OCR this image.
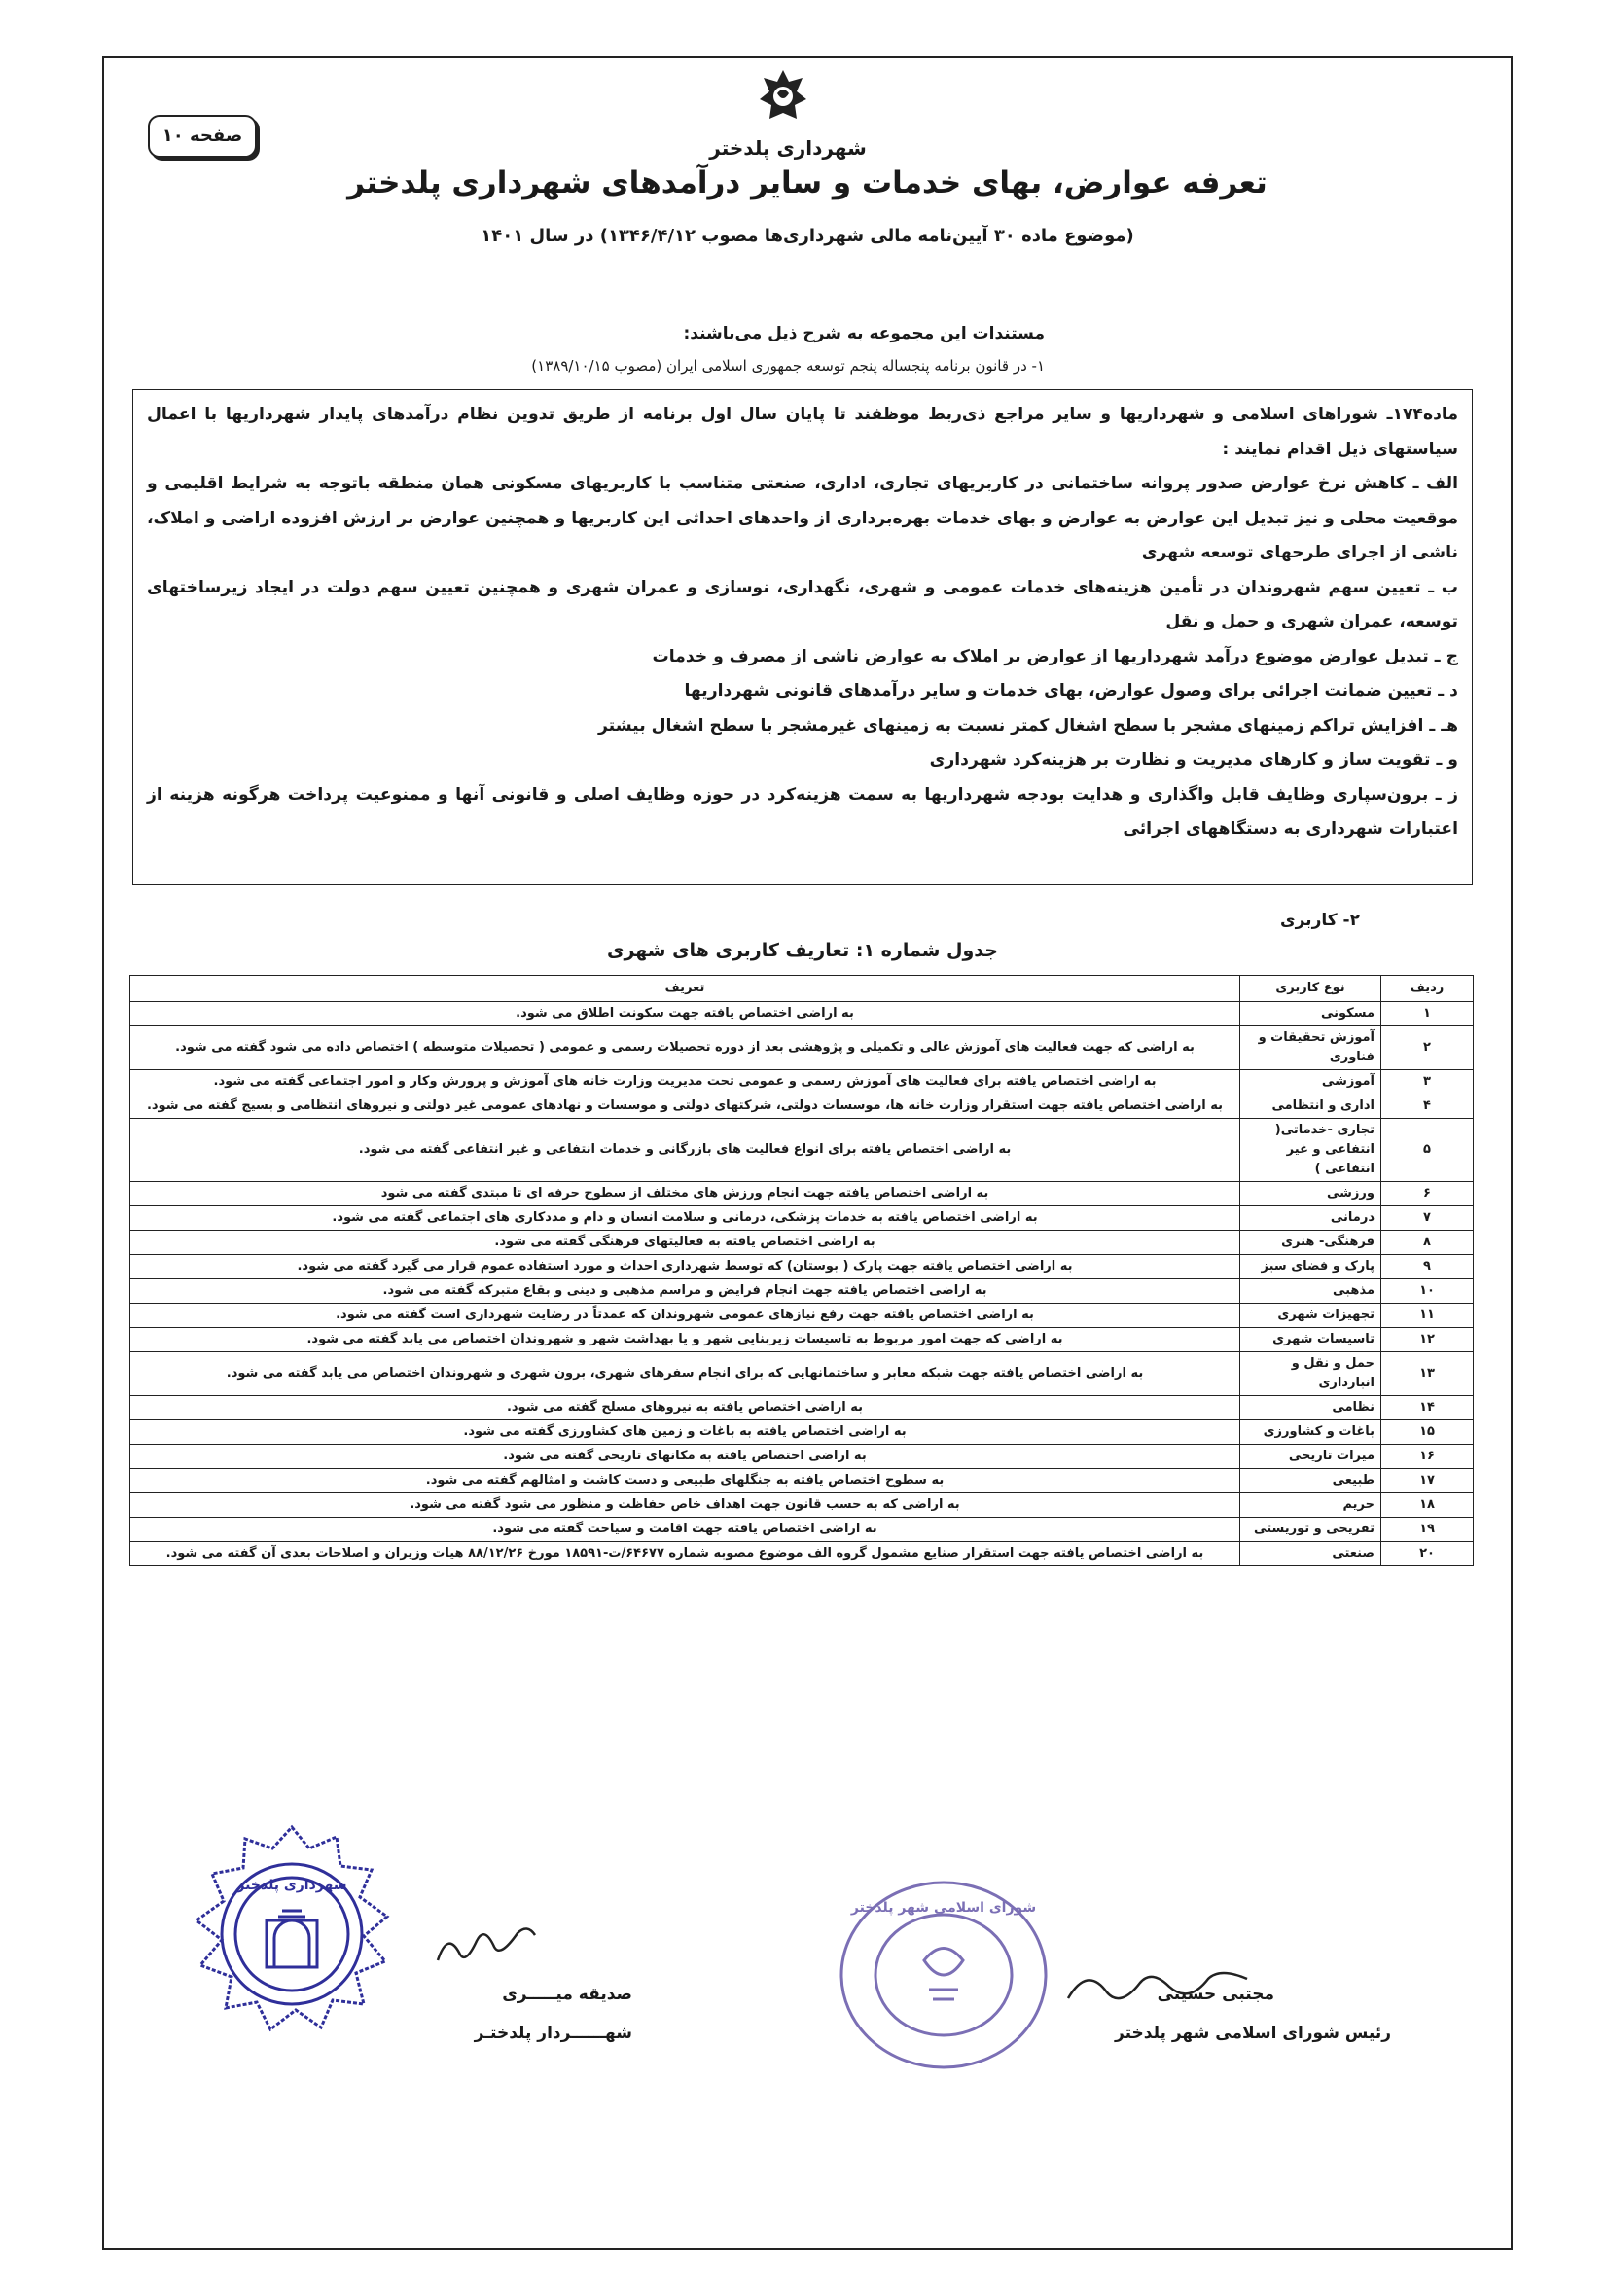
صفحه ۱۰
شهرداری پلدختر
تعرفه عوارض، بهای خدمات و سایر درآمدهای شهرداری پلدختر
(موضوع ماده ۳۰ آیین‌نامه مالی شهرداری‌ها مصوب ۱۳۴۶/۴/۱۲) در سال ۱۴۰۱
مستندات این مجموعه به شرح ذیل می‌باشند:
۱- در قانون برنامه پنجساله پنجم توسعه جمهوری اسلامی ایران (مصوب ۱۳۸۹/۱۰/۱۵)

ماده۱۷۴ـ شوراهای اسلامی و شهرداریها و سایر مراجع ذی‌ربط موظفند تا پایان سال اول برنامه از طریق تدوین نظام درآمدهای پایدار شهرداریها با اعمال سیاستهای ذیل اقدام نمایند :

الف ـ کاهش نرخ عوارض صدور پروانه ساختمانی در کاربریهای تجاری، اداری، صنعتی متناسب با کاربریهای مسکونی همان منطقه باتوجه به شرایط اقلیمی و موقعیت محلی و نیز تبدیل این عوارض به عوارض و بهای خدمات بهره‌برداری از واحدهای احداثی این کاربریها و همچنین عوارض بر ارزش افزوده اراضی و املاک، ناشی از اجرای طرحهای توسعه شهری

ب ـ تعیین سهم شهروندان در تأمین هزینه‌های خدمات عمومی و شهری، نگهداری، نوسازی و عمران شهری و همچنین تعیین سهم دولت در ایجاد زیرساختهای توسعه، عمران شهری و حمل و نقل

ج ـ تبدیل عوارض موضوع درآمد شهرداریها از عوارض بر املاک به عوارض ناشی از مصرف و خدمات

د ـ تعیین ضمانت اجرائی برای وصول عوارض، بهای خدمات و سایر درآمدهای قانونی شهرداریها

هـ ـ افزایش تراکم زمینهای مشجر با سطح اشغال کمتر نسبت به زمینهای غیرمشجر با سطح اشغال بیشتر

و ـ تقویت ساز و کارهای مدیریت و نظارت بر هزینه‌کرد شهرداری

ز ـ برون‌سپاری وظایف قابل واگذاری و هدایت بودجه شهرداریها به سمت هزینه‌کرد در حوزه وظایف اصلی و قانونی آنها و ممنوعیت پرداخت هرگونه هزینه از اعتبارات شهرداری به دستگاههای اجرائی

۲- کاربری
جدول شماره ۱: تعاریف کاربری های شهری
ردیف	نوع کاربری	تعریف
۱	مسکونی	به اراضی اختصاص یافته جهت سکونت اطلاق می شود.
۲	آموزش تحقیقات و فناوری	به اراضی که جهت فعالیت های آموزش عالی و تکمیلی و پژوهشی بعد از دوره تحصیلات رسمی و عمومی ( تحصیلات متوسطه ) اختصاص داده می شود گفته می شود.
۳	آموزشی	به اراضی اختصاص یافته برای فعالیت های آموزش رسمی و عمومی تحت مدیریت وزارت خانه های آموزش و پرورش وکار و امور اجتماعی گفته می شود.
۴	اداری و انتظامی	به اراضی اختصاص یافته جهت استقرار وزارت خانه ها، موسسات دولتی، شرکتهای دولتی و موسسات و نهادهای عمومی غیر دولتی و نیروهای انتظامی و بسیج گفته می شود.
۵	تجاری -خدماتی( انتفاعی و غیر انتفاعی )	به اراضی اختصاص یافته برای انواع فعالیت های بازرگانی و خدمات انتفاعی و غیر انتفاعی گفته می شود.
۶	ورزشی	به اراضی اختصاص یافته جهت انجام ورزش های مختلف از سطوح حرفه ای تا مبتدی گفته می شود
۷	درمانی	به اراضی اختصاص یافته به خدمات پزشکی، درمانی و سلامت انسان و دام و مددکاری های اجتماعی گفته می شود.
۸	فرهنگی- هنری	به اراضی اختصاص یافته به فعالیتهای فرهنگی گفته می شود.
۹	پارک و فضای سبز	به اراضی اختصاص یافته جهت پارک ( بوستان) که توسط شهرداری احداث و مورد استفاده عموم قرار می گیرد گفته می شود.
۱۰	مذهبی	به اراضی اختصاص یافته جهت انجام فرایض و مراسم مذهبی و دینی و بقاع متبرکه گفته می شود.
۱۱	تجهیزات شهری	به اراضی اختصاص یافته جهت رفع نیازهای عمومی شهروندان که عمدتاً در رضایت شهرداری است گفته می شود.
۱۲	تاسیسات شهری	به اراضی که جهت امور مربوط به تاسیسات زیربنایی شهر و یا بهداشت شهر و شهروندان اختصاص می یابد گفته می شود.
۱۳	حمل و نقل و انبارداری	به اراضی اختصاص یافته جهت شبکه معابر و ساختمانهایی که برای انجام سفرهای شهری، برون شهری و شهروندان اختصاص می یابد گفته می شود.
۱۴	نظامی	به اراضی اختصاص یافته به نیروهای مسلح گفته می شود.
۱۵	باغات و کشاورزی	به اراضی اختصاص یافته به باغات و زمین های کشاورزی گفته می شود.
۱۶	میراث تاریخی	به اراضی اختصاص یافته به مکانهای تاریخی گفته می شود.
۱۷	طبیعی	به سطوح اختصاص یافته به جنگلهای طبیعی و دست کاشت و امثالهم گفته می شود.
۱۸	حریم	به اراضی که به حسب قانون جهت اهداف خاص حفاظت و منظور می شود گفته می شود.
۱۹	تفریحی و توریستی	به اراضی اختصاص یافته جهت اقامت و سیاحت گفته می شود.
۲۰	صنعتی	به اراضی اختصاص یافته جهت استقرار صنایع مشمول گروه الف موضوع مصوبه شماره ۶۴۶۷۷/ت-۱۸۵۹۱ مورخ ۸۸/۱۲/۲۶ هیات وزیران و اصلاحات بعدی آن گفته می شود.
شهرداری پلدختر
صدیقه میـــــری
شهــــــردار پلدختـر
شورای اسلامی شهر پلدختر
مجتبی حسینی
رئیس شورای اسلامی شهر پلدختر
